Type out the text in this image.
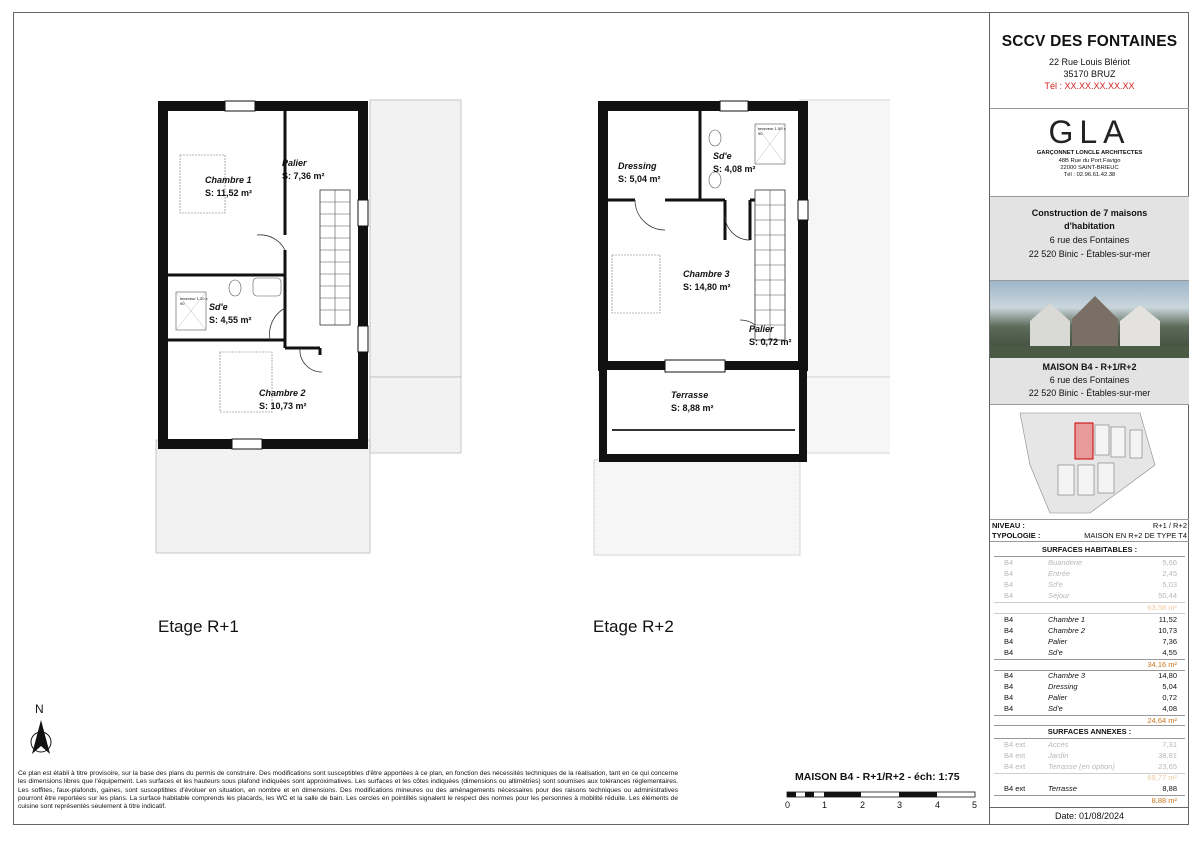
Chambre 1
S: 11,52 m²
Palier
S: 7,36 m²
Sd'e
S: 4,55 m²
Chambre 2
S: 10,73 m²
receveur 1.20 x 90
Etage R+1
Dressing
S: 5,04 m²
Sd'e
S: 4,08 m²
Chambre 3
S: 14,80 m²
Palier
S: 0,72 m²
Terrasse
S: 8,88 m²
receveur 1.50 x 90
Etage R+2
N
Ce plan est établi à titre provisoire, sur la base des plans du permis de construire. Des modifications sont susceptibles d'être apportées à ce plan, en fonction des nécessités techniques de la réalisation, tant en ce qui concerne les dimensions libres que l'équipement. Les surfaces et les hauteurs sous plafond indiquées sont approximatives. Les surfaces et les côtes indiquées (dimensions ou altimétries) sont soumises aux tolérances réglementaires. Les soffites, faux-plafonds, gaines, sont susceptibles d'évoluer en situation, en nombre et en dimensions. Des modifications mineures ou des aménagements nécessaires pour des raisons techniques ou administratives pourront être reportées sur les plans. La surface habitable comprends les placards, les WC et la salle de bain. Les cercles en pointillés signalent le respect des normes pour les personnes à mobilité réduite. Les éléments de cuisine sont représentés seulement à titre indicatif.
MAISON B4 - R+1/R+2 - éch: 1:75
0	1	2	3	4	5
SCCV DES FONTAINES
22 Rue Louis Blériot
35170 BRUZ
Tél : XX.XX.XX.XX.XX
GLA
GARÇONNET LONCLE ARCHITECTES
48B Rue du Port Favigo
22000 SAINT-BRIEUC
Tél : 02.96.61.42.38
Construction de 7 maisons
d'habitation
6 rue des Fontaines
22 520 Binic - Étables-sur-mer
MAISON B4 - R+1/R+2
6 rue des Fontaines
22 520 Binic - Étables-sur-mer
NIVEAU :	R+1 / R+2
TYPOLOGIE :	MAISON EN R+2 DE TYPE T4
SURFACES HABITABLES :
B4	Buanderie	5,66
B4	Entrée	2,45
B4	Sd'e	5,03
B4	Séjour	50,44
63,58 m²
B4	Chambre 1	11,52
B4	Chambre 2	10,73
B4	Palier	7,36
B4	Sd'e	4,55
34,16 m²
B4	Chambre 3	14,80
B4	Dressing	5,04
B4	Palier	0,72
B4	Sd'e	4,08
24,64 m²
SURFACES ANNEXES :
B4 ext	Accès	7,31
B4 ext	Jardin	38,81
B4 ext	Terrasse (en option)	23,65
69,77 m²
B4 ext	Terrasse	8,88
8,88 m²
Date: 01/08/2024
